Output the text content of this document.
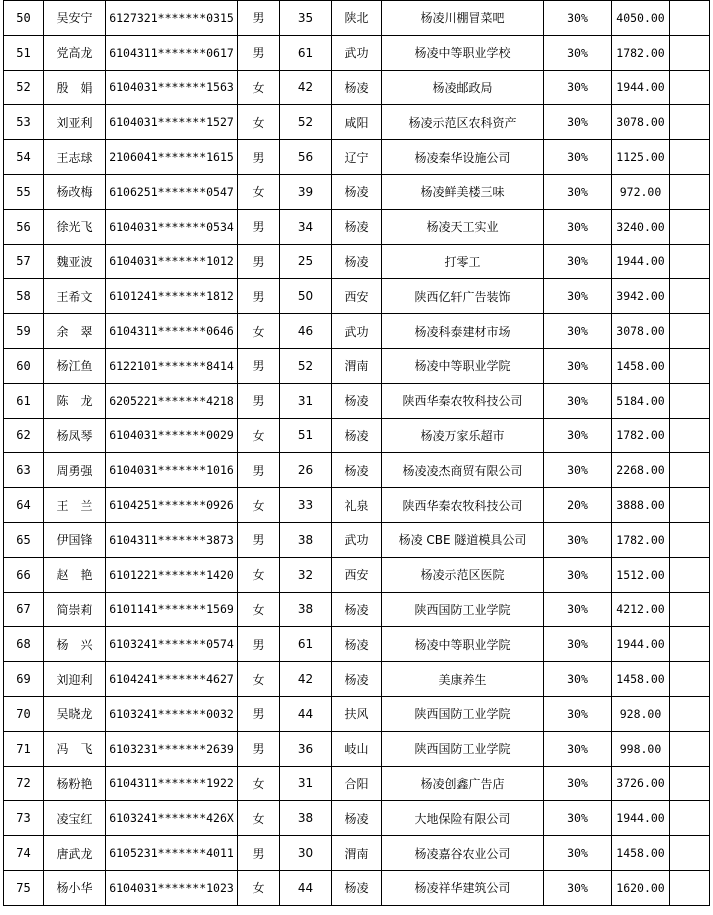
50	吴安宁	6127321*******0315	男	35	陕北	杨凌川棚冒菜吧	30%	4050.00	
51	党高龙	6104311*******0617	男	61	武功	杨凌中等职业学校	30%	1782.00	
52	殷　娟	6104031*******1563	女	42	杨凌	杨凌邮政局	30%	1944.00	
53	刘亚利	6104031*******1527	女	52	咸阳	杨凌示范区农科资产	30%	3078.00	
54	王志球	2106041*******1615	男	56	辽宁	杨凌秦华设施公司	30%	1125.00	
55	杨改梅	6106251*******0547	女	39	杨凌	杨凌鲜美楼三味	30%	972.00	
56	徐光飞	6104031*******0534	男	34	杨凌	杨凌天工实业	30%	3240.00	
57	魏亚波	6104031*******1012	男	25	杨凌	打零工	30%	1944.00	
58	王希文	6101241*******1812	男	50	西安	陕西亿轩广告装饰	30%	3942.00	
59	余　翠	6104311*******0646	女	46	武功	杨凌科泰建材市场	30%	3078.00	
60	杨江鱼	6122101*******8414	男	52	渭南	杨凌中等职业学院	30%	1458.00	
61	陈　龙	6205221*******4218	男	31	杨凌	陕西华秦农牧科技公司	30%	5184.00	
62	杨凤琴	6104031*******0029	女	51	杨凌	杨凌万家乐超市	30%	1782.00	
63	周勇强	6104031*******1016	男	26	杨凌	杨凌凌杰商贸有限公司	30%	2268.00	
64	王　兰	6104251*******0926	女	33	礼泉	陕西华秦农牧科技公司	20%	3888.00	
65	伊国锋	6104311*******3873	男	38	武功	杨凌 CBE 隧道模具公司	30%	1782.00	
66	赵　艳	6101221*******1420	女	32	西安	杨凌示范区医院	30%	1512.00	
67	简崇莉	6101141*******1569	女	38	杨凌	陕西国防工业学院	30%	4212.00	
68	杨　兴	6103241*******0574	男	61	杨凌	杨凌中等职业学院	30%	1944.00	
69	刘迎利	6104241*******4627	女	42	杨凌	美康养生	30%	1458.00	
70	吴晓龙	6103241*******0032	男	44	扶风	陕西国防工业学院	30%	928.00	
71	冯　飞	6103231*******2639	男	36	岐山	陕西国防工业学院	30%	998.00	
72	杨粉艳	6104311*******1922	女	31	合阳	杨凌创鑫广告店	30%	3726.00	
73	凌宝红	6103241*******426X	女	38	杨凌	大地保险有限公司	30%	1944.00	
74	唐武龙	6105231*******4011	男	30	渭南	杨凌嘉谷农业公司	30%	1458.00	
75	杨小华	6104031*******1023	女	44	杨凌	杨凌祥华建筑公司	30%	1620.00	
